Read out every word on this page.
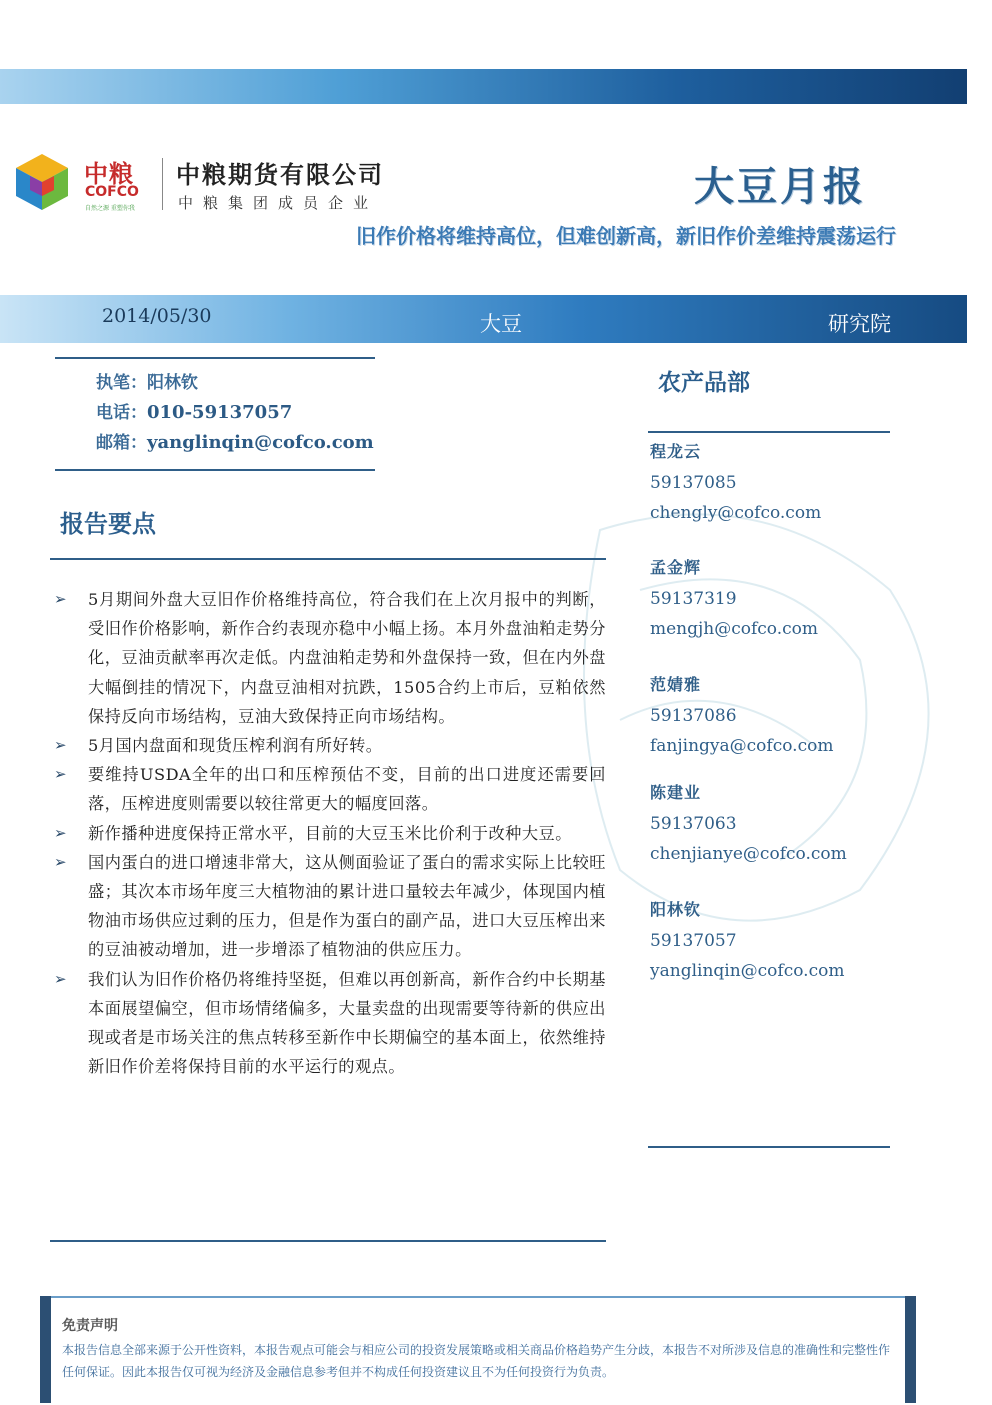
中粮
COFCO
自然之源 重塑你我
中粮期货有限公司
中粮集团成员企业	大豆月报
旧作价格将维持高位，但难创新高，新旧作价差维持震荡运行
2014/05/30	大豆	研究院
执笔：阳林钦
电话：010-59137057
邮箱：yanglinqin@cofco.com
报告要点
➢ 5月期间外盘大豆旧作价格维持高位，符合我们在上次月报中的判断，受旧作价格影响，新作合约表现亦稳中小幅上扬。本月外盘油粕走势分化，豆油贡献率再次走低。内盘油粕走势和外盘保持一致，但在内外盘大幅倒挂的情况下，内盘豆油相对抗跌，1505合约上市后，豆粕依然保持反向市场结构，豆油大致保持正向市场结构。
➢ 5月国内盘面和现货压榨利润有所好转。
➢ 要维持USDA全年的出口和压榨预估不变，目前的出口进度还需要回落，压榨进度则需要以较往常更大的幅度回落。
➢ 新作播种进度保持正常水平，目前的大豆玉米比价利于改种大豆。
➢ 国内蛋白的进口增速非常大，这从侧面验证了蛋白的需求实际上比较旺盛；其次本市场年度三大植物油的累计进口量较去年减少，体现国内植物油市场供应过剩的压力，但是作为蛋白的副产品，进口大豆压榨出来的豆油被动增加，进一步增添了植物油的供应压力。
➢ 我们认为旧作价格仍将维持坚挺，但难以再创新高，新作合约中长期基本面展望偏空，但市场情绪偏多，大量卖盘的出现需要等待新的供应出现或者是市场关注的焦点转移至新作中长期偏空的基本面上，依然维持新旧作价差将保持目前的水平运行的观点。
农产品部
程龙云
59137085
chengly@cofco.com
孟金辉
59137319
mengjh@cofco.com
范婧雅
59137086
fanjingya@cofco.com
陈建业
59137063
chenjianye@cofco.com
阳林钦
59137057
yanglinqin@cofco.com
免责声明
本报告信息全部来源于公开性资料，本报告观点可能会与相应公司的投资发展策略或相关商品价格趋势产生分歧，本报告不对所涉及信息的准确性和完整性作任何保证。因此本报告仅可视为经济及金融信息参考但并不构成任何投资建议且不为任何投资行为负责。
